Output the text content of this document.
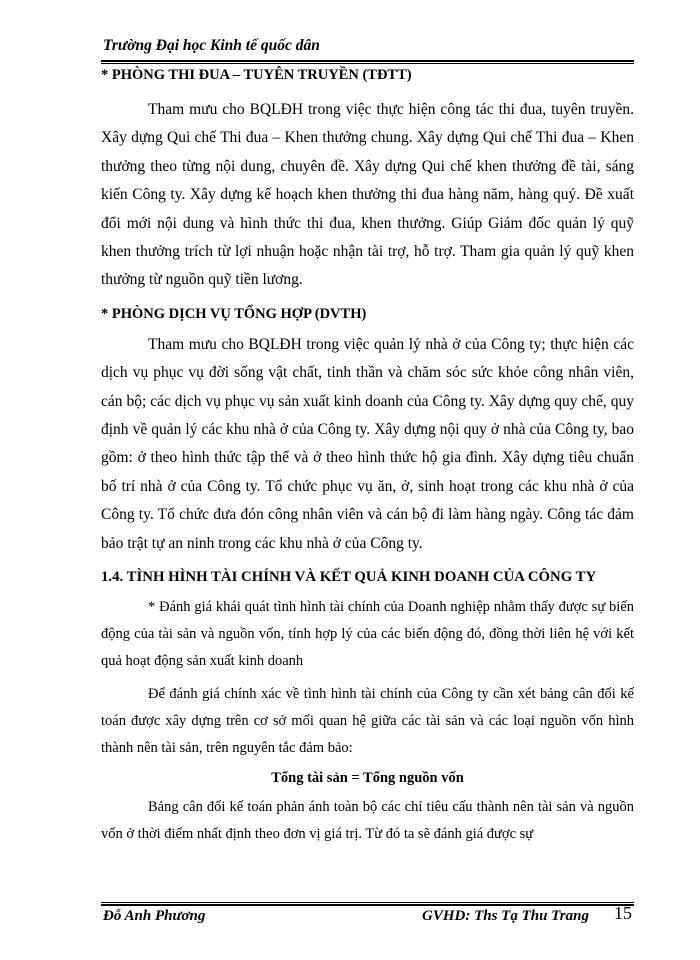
Trường Đại học Kinh tế quốc dân

* PHÒNG THI ĐUA – TUYÊN TRUYỀN (TĐTT)

Tham mưu cho BQLĐH trong việc thực hiện công tác thi đua, tuyên truyền. Xây dựng Qui chế Thi đua – Khen thưởng chung. Xây dựng Qui chế Thi đua – Khen thưởng theo từng nội dung, chuyên đề. Xây dựng Qui chế khen thưởng đề tài, sáng kiến Công ty. Xây dựng kế hoạch khen thưởng thi đua hàng năm, hàng quý. Đề xuất đổi mới nội dung và hình thức thi đua, khen thưởng. Giúp Giám đốc quản lý quỹ khen thưởng trích từ lợi nhuận hoặc nhận tài trợ, hỗ trợ. Tham gia quản lý quỹ khen thưởng từ nguồn quỹ tiền lương.

* PHÒNG DỊCH VỤ TỔNG HỢP (DVTH)

Tham mưu cho BQLĐH trong việc quản lý nhà ở của Công ty; thực hiện các dịch vụ phục vụ đời sống vật chất, tinh thần và chăm sóc sức khỏe công nhân viên, cán bộ; các dịch vụ phục vụ sản xuất kinh doanh của Công ty. Xây dựng quy chế, quy định về quản lý các khu nhà ở của Công ty. Xây dựng nội quy ở nhà của Công ty, bao gồm: ở theo hình thức tập thể và ở theo hình thức hộ gia đình. Xây dựng tiêu chuẩn bố trí nhà ở của Công ty. Tổ chức phục vụ ăn, ở, sinh hoạt trong các khu nhà ở của Công ty. Tổ chức đưa đón công nhân viên và cán bộ đi làm hàng ngày. Công tác đảm bảo trật tự an ninh trong các khu nhà ở của Công ty.

1.4. TÌNH HÌNH TÀI CHÍNH VÀ KẾT QUẢ KINH DOANH CỦA CÔNG TY

* Đánh giá khái quát tình hình tài chính của Doanh nghiệp nhằm thấy được sự biến động của tài sản và nguồn vốn, tính hợp lý của các biến động đó, đồng thời liên hệ với kết quả hoạt động sản xuất kinh doanh

Để đánh giá chính xác về tình hình tài chính của Công ty cần xét bảng cân đối kế toán được xây dựng trên cơ sở mối quan hệ giữa các tài sản và các loại nguồn vốn hình thành nên tài sản, trên nguyên tắc đảm bảo:

Tổng tài sản = Tổng nguồn vốn

Bảng cân đối kế toán phản ánh toàn bộ các chỉ tiêu cấu thành nên tài sản và nguồn vốn ở thời điểm nhất định theo đơn vị giá trị. Từ đó ta sẽ đánh giá được sự

Đỗ Anh Phương	GVHD: Ths Tạ Thu Trang 15
